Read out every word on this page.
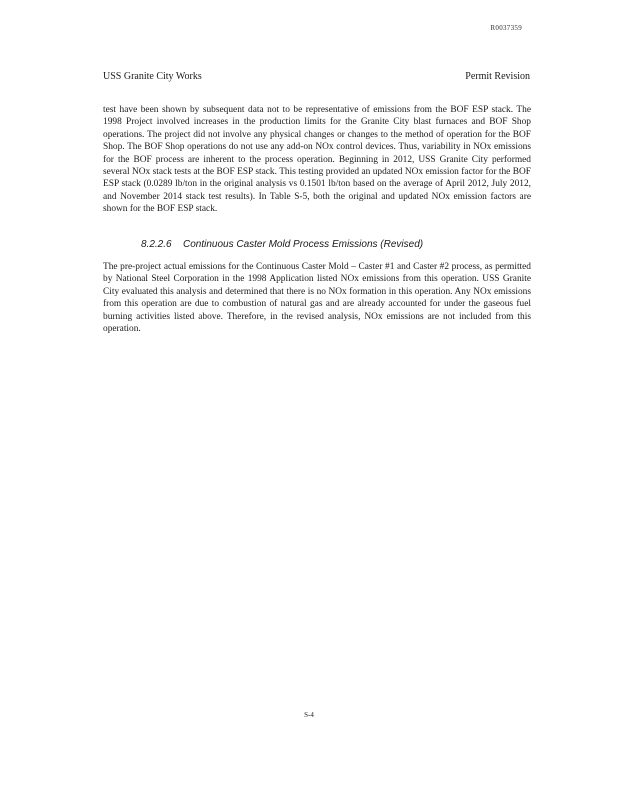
R0037359
USS Granite City Works	Permit Revision

test have been shown by subsequent data not to be representative of emissions from the BOF ESP stack. The 1998 Project involved increases in the production limits for the Granite City blast furnaces and BOF Shop operations. The project did not involve any physical changes or changes to the method of operation for the BOF Shop. The BOF Shop operations do not use any add-on NOx control devices. Thus, variability in NOx emissions for the BOF process are inherent to the process operation. Beginning in 2012, USS Granite City performed several NOx stack tests at the BOF ESP stack. This testing provided an updated NOx emission factor for the BOF ESP stack (0.0289 lb/ton in the original analysis vs 0.1501 lb/ton based on the average of April 2012, July 2012, and November 2014 stack test results). In Table S-5, both the original and updated NOx emission factors are shown for the BOF ESP stack.

8.2.2.6 Continuous Caster Mold Process Emissions (Revised)

The pre-project actual emissions for the Continuous Caster Mold – Caster #1 and Caster #2 process, as permitted by National Steel Corporation in the 1998 Application listed NOx emissions from this operation. USS Granite City evaluated this analysis and determined that there is no NOx formation in this operation. Any NOx emissions from this operation are due to combustion of natural gas and are already accounted for under the gaseous fuel burning activities listed above. Therefore, in the revised analysis, NOx emissions are not included from this operation.

S-4
